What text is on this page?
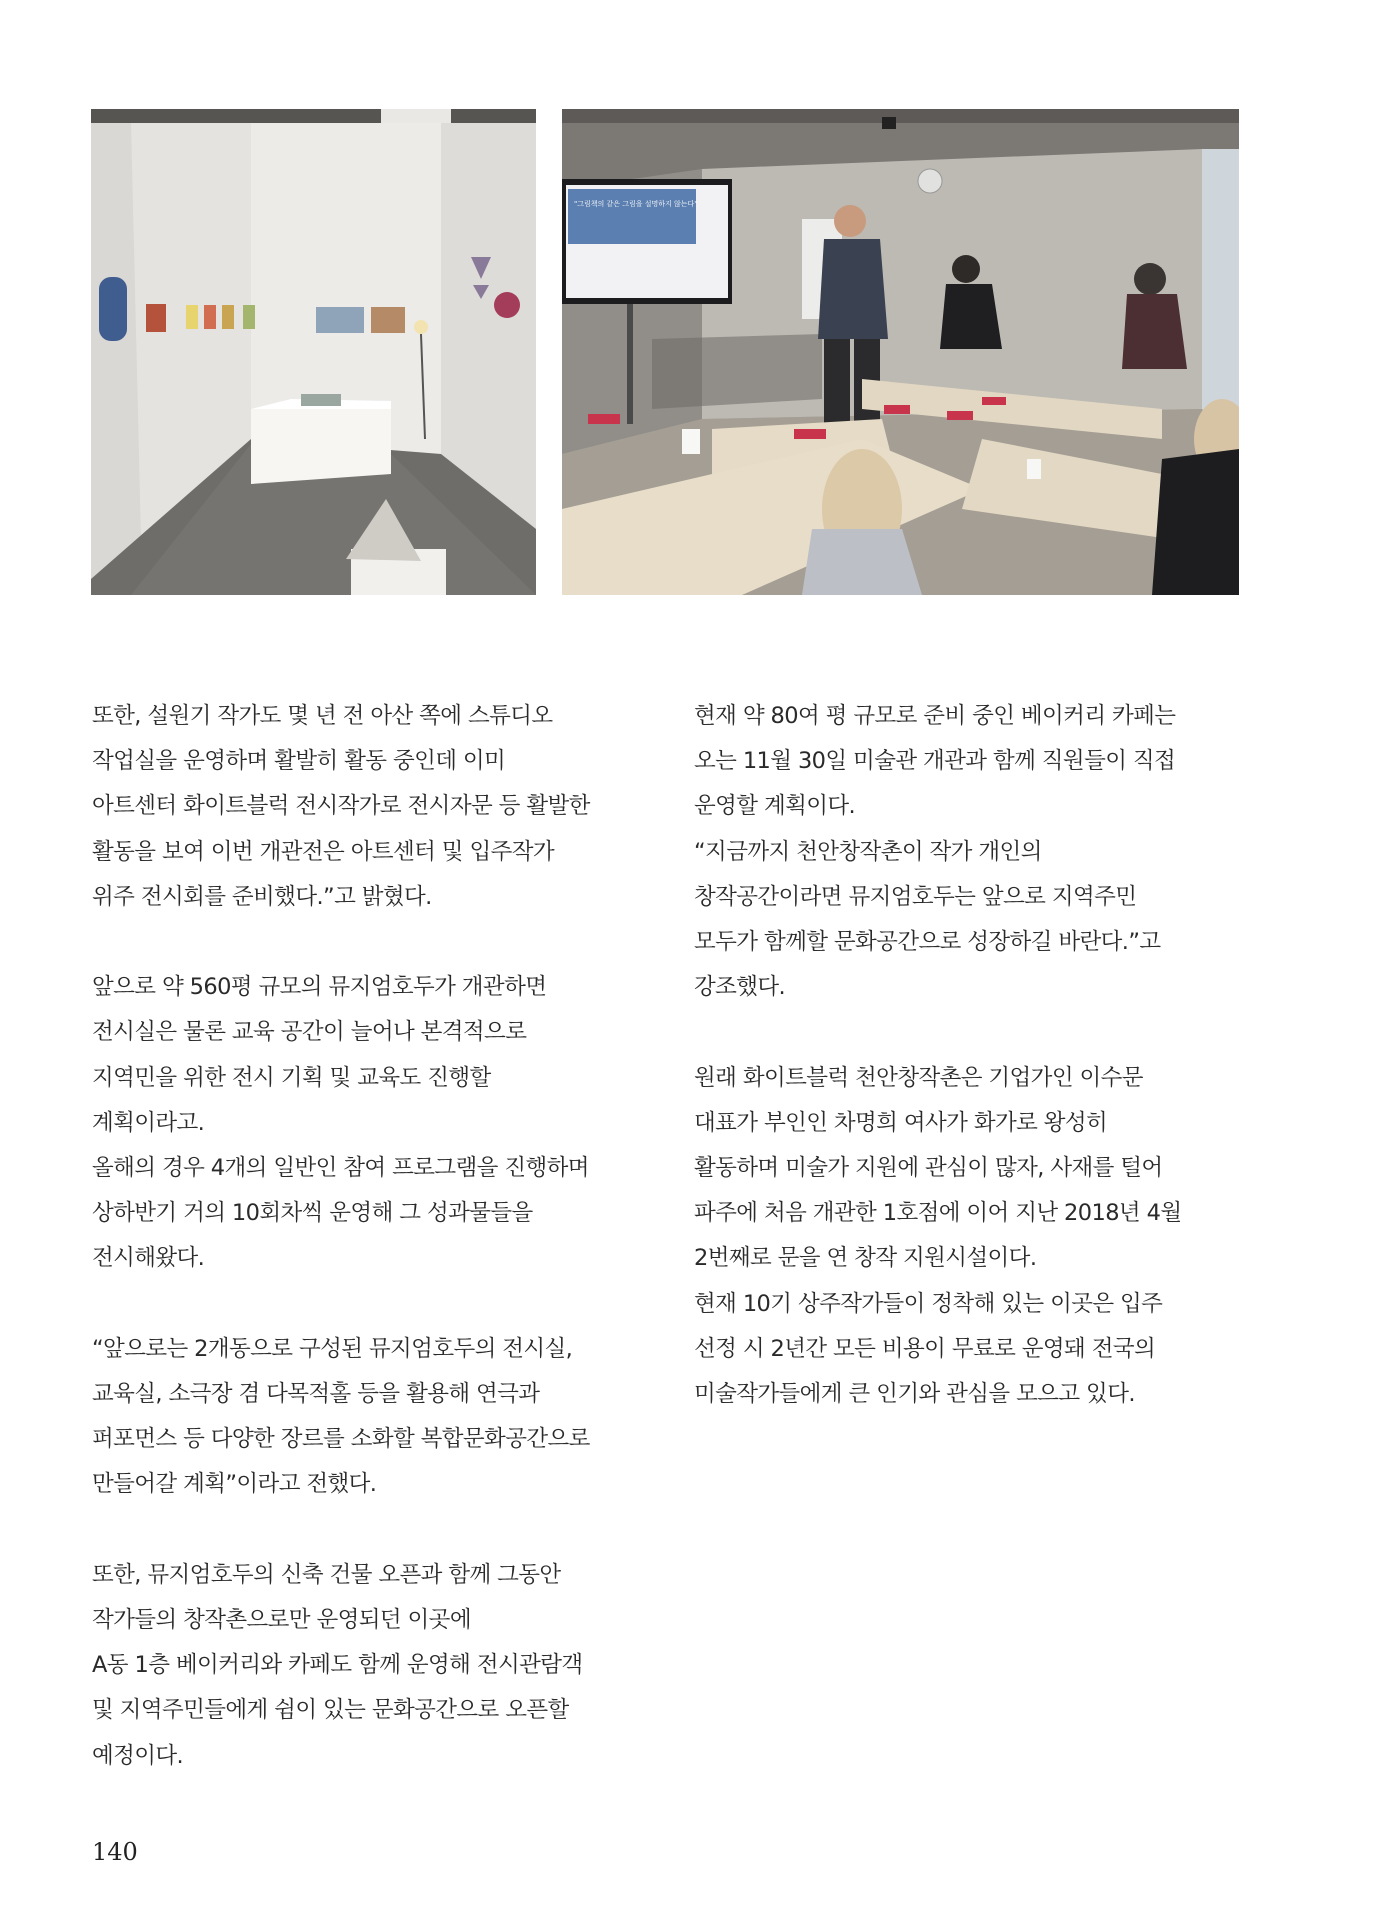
"그림책의 같은 그림을 설명하지 않는다"

또한, 설원기 작가도 몇 년 전 아산 쪽에 스튜디오
작업실을 운영하며 활발히 활동 중인데 이미
아트센터 화이트블럭 전시작가로 전시자문 등 활발한
활동을 보여 이번 개관전은 아트센터 및 입주작가
위주 전시회를 준비했다.”고 밝혔다.

앞으로 약 560평 규모의 뮤지엄호두가 개관하면
전시실은 물론 교육 공간이 늘어나 본격적으로
지역민을 위한 전시 기획 및 교육도 진행할
계획이라고.

올해의 경우 4개의 일반인 참여 프로그램을 진행하며
상하반기 거의 10회차씩 운영해 그 성과물들을
전시해왔다.

“앞으로는 2개동으로 구성된 뮤지엄호두의 전시실,
교육실, 소극장 겸 다목적홀 등을 활용해 연극과
퍼포먼스 등 다양한 장르를 소화할 복합문화공간으로
만들어갈 계획”이라고 전했다.

또한, 뮤지엄호두의 신축 건물 오픈과 함께 그동안
작가들의 창작촌으로만 운영되던 이곳에
A동 1층 베이커리와 카페도 함께 운영해 전시관람객
및 지역주민들에게 쉼이 있는 문화공간으로 오픈할
예정이다.

현재 약 80여 평 규모로 준비 중인 베이커리 카페는
오는 11월 30일 미술관 개관과 함께 직원들이 직접
운영할 계획이다.

“지금까지 천안창작촌이 작가 개인의
창작공간이라면 뮤지엄호두는 앞으로 지역주민
모두가 함께할 문화공간으로 성장하길 바란다.”고
강조했다.

원래 화이트블럭 천안창작촌은 기업가인 이수문
대표가 부인인 차명희 여사가 화가로 왕성히
활동하며 미술가 지원에 관심이 많자, 사재를 털어
파주에 처음 개관한 1호점에 이어 지난 2018년 4월
2번째로 문을 연 창작 지원시설이다.

현재 10기 상주작가들이 정착해 있는 이곳은 입주
선정 시 2년간 모든 비용이 무료로 운영돼 전국의
미술작가들에게 큰 인기와 관심을 모으고 있다.

140
